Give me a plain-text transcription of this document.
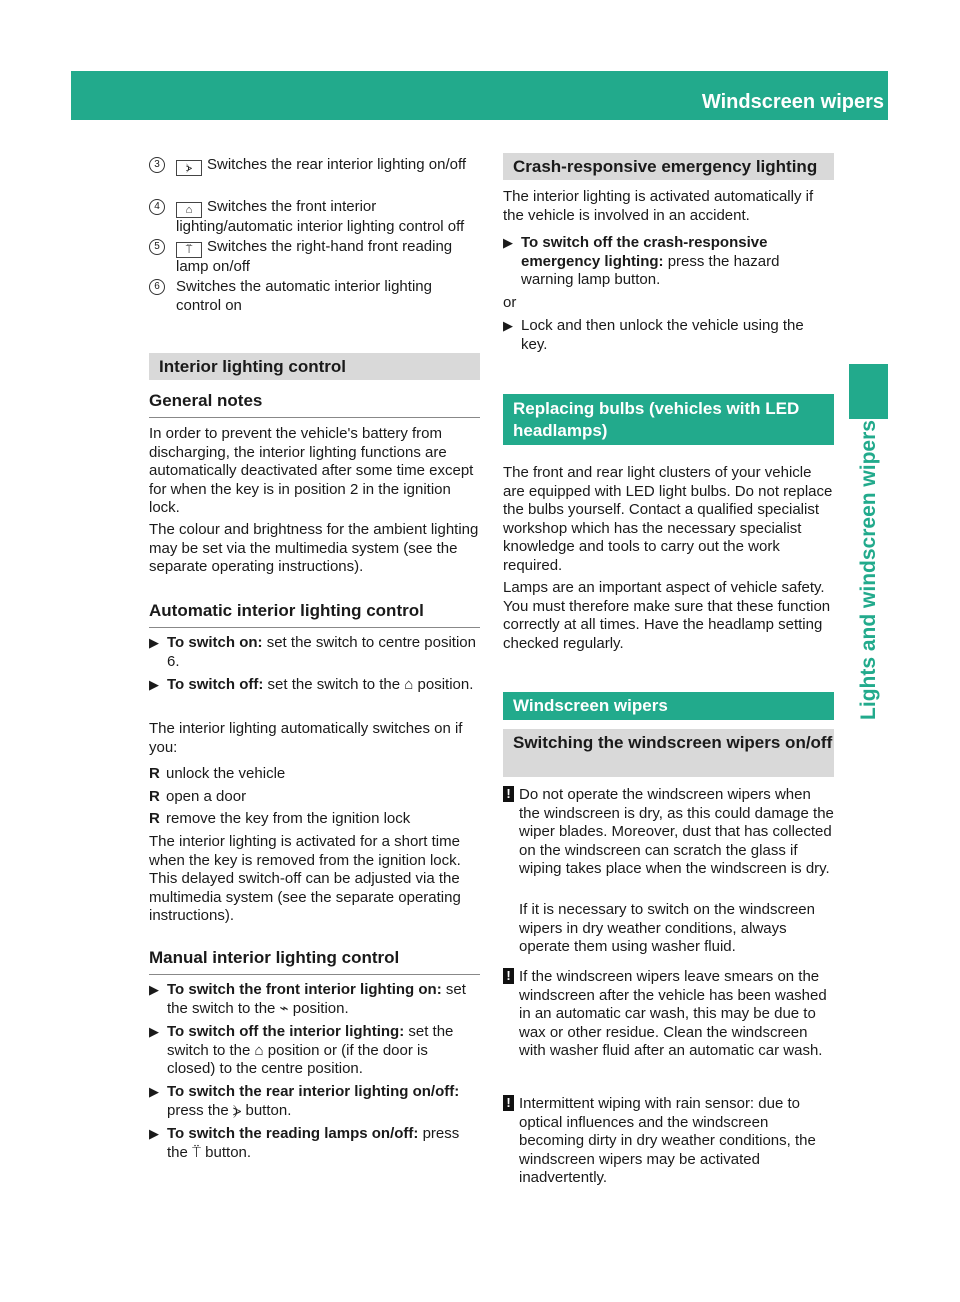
Windscreen wipers	121
Lights and windscreen wipers
3	⦔ Switches the rear interior lighting on/off
4	⌂ Switches the front interior lighting/automatic interior lighting control off
5	⍡ Switches the right-hand front reading lamp on/off
6	Switches the automatic interior lighting control on
Interior lighting control
General notes

In order to prevent the vehicle's battery from discharging, the interior lighting functions are automatically deactivated after some time except for when the key is in position 2 in the ignition lock.

The colour and brightness for the ambient lighting may be set via the multimedia system (see the separate operating instructions).

Automatic interior lighting control
▶ To switch on: set the switch to centre position 6.
▶ To switch off: set the switch to the ⌂ position.

The interior lighting automatically switches on if you:

R unlock the vehicle
R open a door
R remove the key from the ignition lock

The interior lighting is activated for a short time when the key is removed from the ignition lock. This delayed switch-off can be adjusted via the multimedia system (see the separate operating instructions).

Manual interior lighting control
▶ To switch the front interior lighting on: set the switch to the ⌁ position.
▶ To switch off the interior lighting: set the switch to the ⌂ position or (if the door is closed) to the centre position.
▶ To switch the rear interior lighting on/off: press the ⦔ button.
▶ To switch the reading lamps on/off: press the ⍡ button.
Crash-responsive emergency lighting

The interior lighting is activated automatically if the vehicle is involved in an accident.

▶ To switch off the crash-responsive emergency lighting: press the hazard warning lamp button.

or

▶ Lock and then unlock the vehicle using the key.
Replacing bulbs (vehicles with LED headlamps)

The front and rear light clusters of your vehicle are equipped with LED light bulbs. Do not replace the bulbs yourself. Contact a qualified specialist workshop which has the necessary specialist knowledge and tools to carry out the work required.

Lamps are an important aspect of vehicle safety. You must therefore make sure that these function correctly at all times. Have the headlamp setting checked regularly.

Windscreen wipers
Switching the windscreen wipers on/off
! Do not operate the windscreen wipers when the windscreen is dry, as this could damage the wiper blades. Moreover, dust that has collected on the windscreen can scratch the glass if wiping takes place when the windscreen is dry.
If it is necessary to switch on the windscreen wipers in dry weather conditions, always operate them using washer fluid.
! If the windscreen wipers leave smears on the windscreen after the vehicle has been washed in an automatic car wash, this may be due to wax or other residue. Clean the windscreen with washer fluid after an automatic car wash.
! Intermittent wiping with rain sensor: due to optical influences and the windscreen becoming dirty in dry weather conditions, the windscreen wipers may be activated inadvertently.
